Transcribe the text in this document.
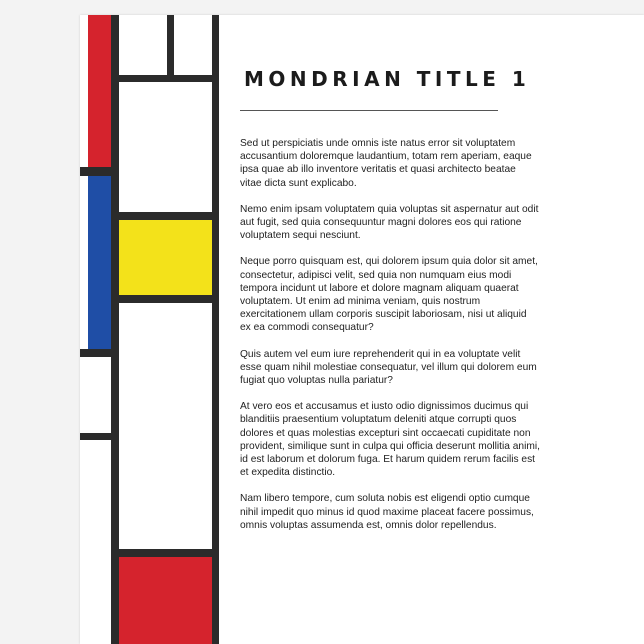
MONDRIAN TITLE 1

Sed ut perspiciatis unde omnis iste natus error sit voluptatem accusantium doloremque laudantium, totam rem aperiam, eaque ipsa quae ab illo inventore veritatis et quasi architecto beatae vitae dicta sunt explicabo.

Nemo enim ipsam voluptatem quia voluptas sit aspernatur aut odit aut fugit, sed quia consequuntur magni dolores eos qui ratione voluptatem sequi nesciunt.

Neque porro quisquam est, qui dolorem ipsum quia dolor sit amet, consectetur, adipisci velit, sed quia non numquam eius modi tempora incidunt ut labore et dolore magnam aliquam quaerat voluptatem. Ut enim ad minima veniam, quis nostrum exercitationem ullam corporis suscipit laboriosam, nisi ut aliquid ex ea commodi consequatur?

Quis autem vel eum iure reprehenderit qui in ea voluptate velit esse quam nihil molestiae consequatur, vel illum qui dolorem eum fugiat quo voluptas nulla pariatur?

At vero eos et accusamus et iusto odio dignissimos ducimus qui blanditiis praesentium voluptatum deleniti atque corrupti quos dolores et quas molestias excepturi sint occaecati cupiditate non provident, similique sunt in culpa qui officia deserunt mollitia animi, id est laborum et dolorum fuga. Et harum quidem rerum facilis est et expedita distinctio.

Nam libero tempore, cum soluta nobis est eligendi optio cumque nihil impedit quo minus id quod maxime placeat facere possimus, omnis voluptas assumenda est, omnis dolor repellendus.
